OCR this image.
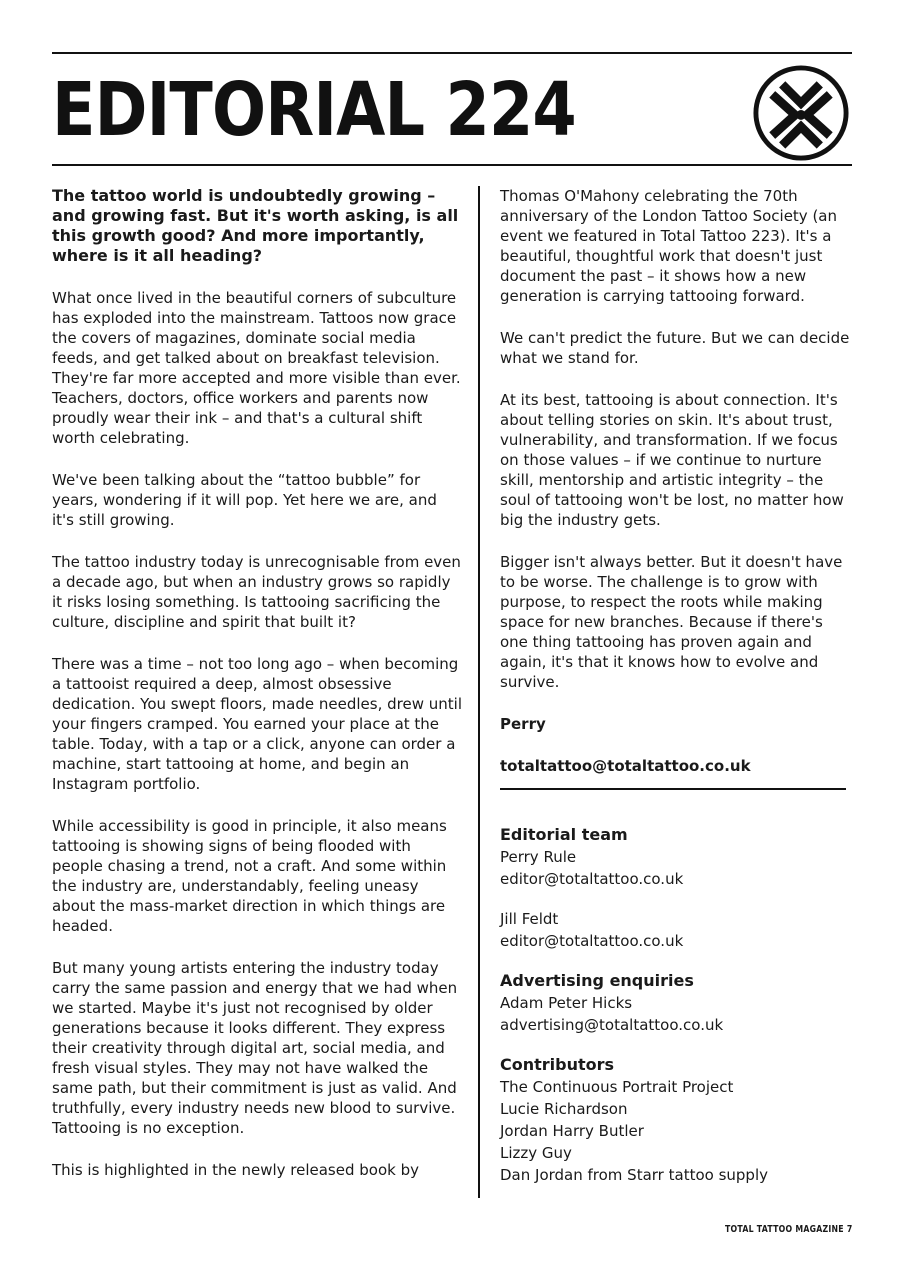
EDITORIAL 224

The tattoo world is undoubtedly growing – and growing fast. But it's worth asking, is all this growth good? And more importantly, where is it all heading?

What once lived in the beautiful corners of subculture has exploded into the mainstream. Tattoos now grace the covers of magazines, dominate social media feeds, and get talked about on breakfast television. They're far more accepted and more visible than ever. Teachers, doctors, office workers and parents now proudly wear their ink – and that's a cultural shift worth celebrating.

We've been talking about the “tattoo bubble” for years, wondering if it will pop. Yet here we are, and it's still growing.

The tattoo industry today is unrecognisable from even a decade ago, but when an industry grows so rapidly it risks losing something. Is tattooing sacrificing the culture, discipline and spirit that built it?

There was a time – not too long ago – when becoming a tattooist required a deep, almost obsessive dedication. You swept floors, made needles, drew until your fingers cramped. You earned your place at the table. Today, with a tap or a click, anyone can order a machine, start tattooing at home, and begin an Instagram portfolio.

While accessibility is good in principle, it also means tattooing is showing signs of being flooded with people chasing a trend, not a craft. And some within the industry are, understandably, feeling uneasy about the mass-market direction in which things are headed.

But many young artists entering the industry today carry the same passion and energy that we had when we started. Maybe it's just not recognised by older generations because it looks different. They express their creativity through digital art, social media, and fresh visual styles. They may not have walked the same path, but their commitment is just as valid. And truthfully, every industry needs new blood to survive. Tattooing is no exception.

This is highlighted in the newly released book by

Thomas O'Mahony celebrating the 70th anniversary of the London Tattoo Society (an event we featured in Total Tattoo 223). It's a beautiful, thoughtful work that doesn't just document the past – it shows how a new generation is carrying tattooing forward.

We can't predict the future. But we can decide what we stand for.

At its best, tattooing is about connection. It's about telling stories on skin. It's about trust, vulnerability, and transformation. If we focus on those values – if we continue to nurture skill, mentorship and artistic integrity – the soul of tattooing won't be lost, no matter how big the industry gets.

Bigger isn't always better. But it doesn't have to be worse. The challenge is to grow with purpose, to respect the roots while making space for new branches. Because if there's one thing tattooing has proven again and again, it's that it knows how to evolve and survive.

Perry

totaltattoo@totaltattoo.co.uk

Editorial team
Perry Rule
editor@totaltattoo.co.uk
Jill Feldt
editor@totaltattoo.co.uk
Advertising enquiries
Adam Peter Hicks
advertising@totaltattoo.co.uk
Contributors
The Continuous Portrait Project
Lucie Richardson
Jordan Harry Butler
Lizzy Guy
Dan Jordan from Starr tattoo supply
TOTAL TATTOO MAGAZINE 7
